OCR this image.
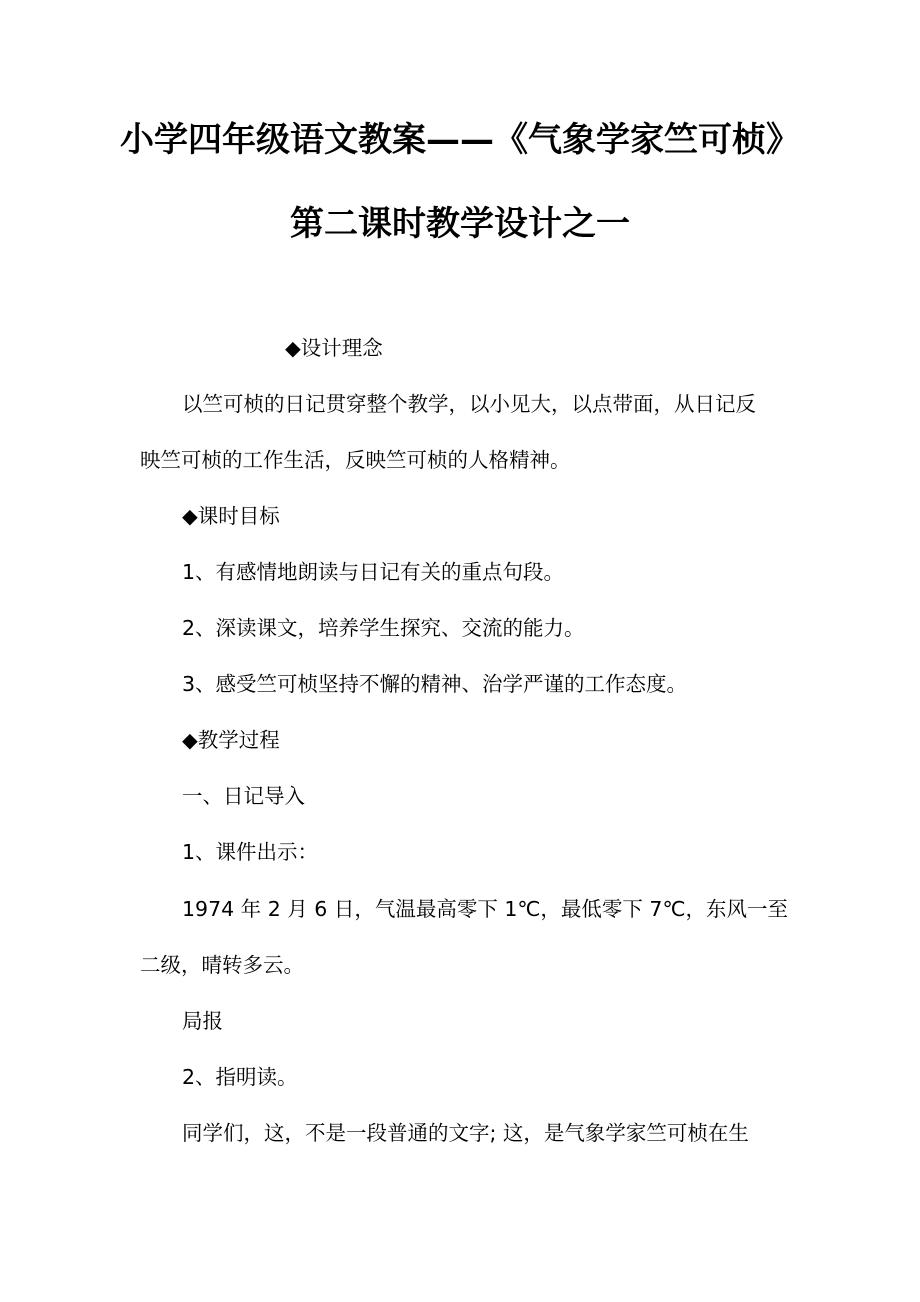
小学四年级语文教案——《气象学家竺可桢》
第二课时教学设计之一
◆设计理念
以竺可桢的日记贯穿整个教学，以小见大，以点带面，从日记反
映竺可桢的工作生活，反映竺可桢的人格精神。
◆课时目标
1、有感情地朗读与日记有关的重点句段。
2、深读课文，培养学生探究、交流的能力。
3、感受竺可桢坚持不懈的精神、治学严谨的工作态度。
◆教学过程
一、日记导入
1、课件出示：
1974 年 2 月 6 日，气温最高零下 1℃，最低零下 7℃，东风一至
二级，晴转多云。
局报
2、指明读。
同学们，这，不是一段普通的文字; 这，是气象学家竺可桢在生
